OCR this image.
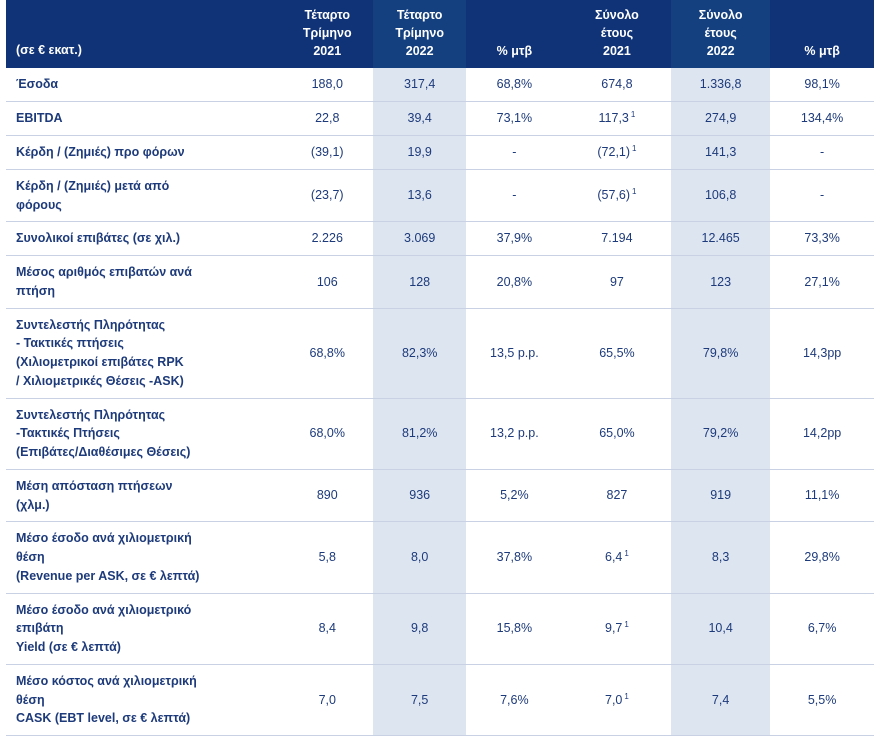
(σε € εκατ.)	Τέταρτο
Τρίμηνο
2021	Τέταρτο
Τρίμηνο
2022	% μτβ	Σύνολο
έτους
2021	Σύνολο
έτους
2022	% μτβ

Έσοδα	188,0	317,4	68,8%	674,8	1.336,8	98,1%

EBITDA	22,8	39,4	73,1%	117,3 $^1$	274,9	134,4%

Κέρδη / (Ζημιές) προ φόρων	(39,1)	19,9	-	(72,1) $^1$	141,3	-

Κέρδη / (Ζημιές) μετά από
φόρους	(23,7)	13,6	-	(57,6) $^1$	106,8	-

Συνολικοί επιβάτες (σε χιλ.)	2.226	3.069	37,9%	7.194	12.465	73,3%

Μέσος αριθμός επιβατών ανά
πτήση	106	128	20,8%	97	123	27,1%

Συντελεστής Πληρότητας
- Τακτικές πτήσεις
(Χιλιομετρικοί επιβάτες RPK
/ Χιλιομετρικές Θέσεις -ASK)	68,8%	82,3%	13,5 p.p.	65,5%	79,8%	14,3pp

Συντελεστής Πληρότητας
-Τακτικές Πτήσεις
(Επιβάτες/Διαθέσιμες Θέσεις)	68,0%	81,2%	13,2 p.p.	65,0%	79,2%	14,2pp

Μέση απόσταση πτήσεων
(χλμ.)	890	936	5,2%	827	919	11,1%

Μέσο έσοδο ανά χιλιομετρική
θέση
(Revenue per ASK, σε € λεπτά)	5,8	8,0	37,8%	6,4 $^1$	8,3	29,8%

Μέσο έσοδο ανά χιλιομετρικό
επιβάτη
Yield (σε € λεπτά)	8,4	9,8	15,8%	9,7 $^1$	10,4	6,7%

Μέσο κόστος ανά χιλιομετρική
θέση
CASK (EBT level, σε € λεπτά)	7,0	7,5	7,6%	7,0 $^1$	7,4	5,5%
